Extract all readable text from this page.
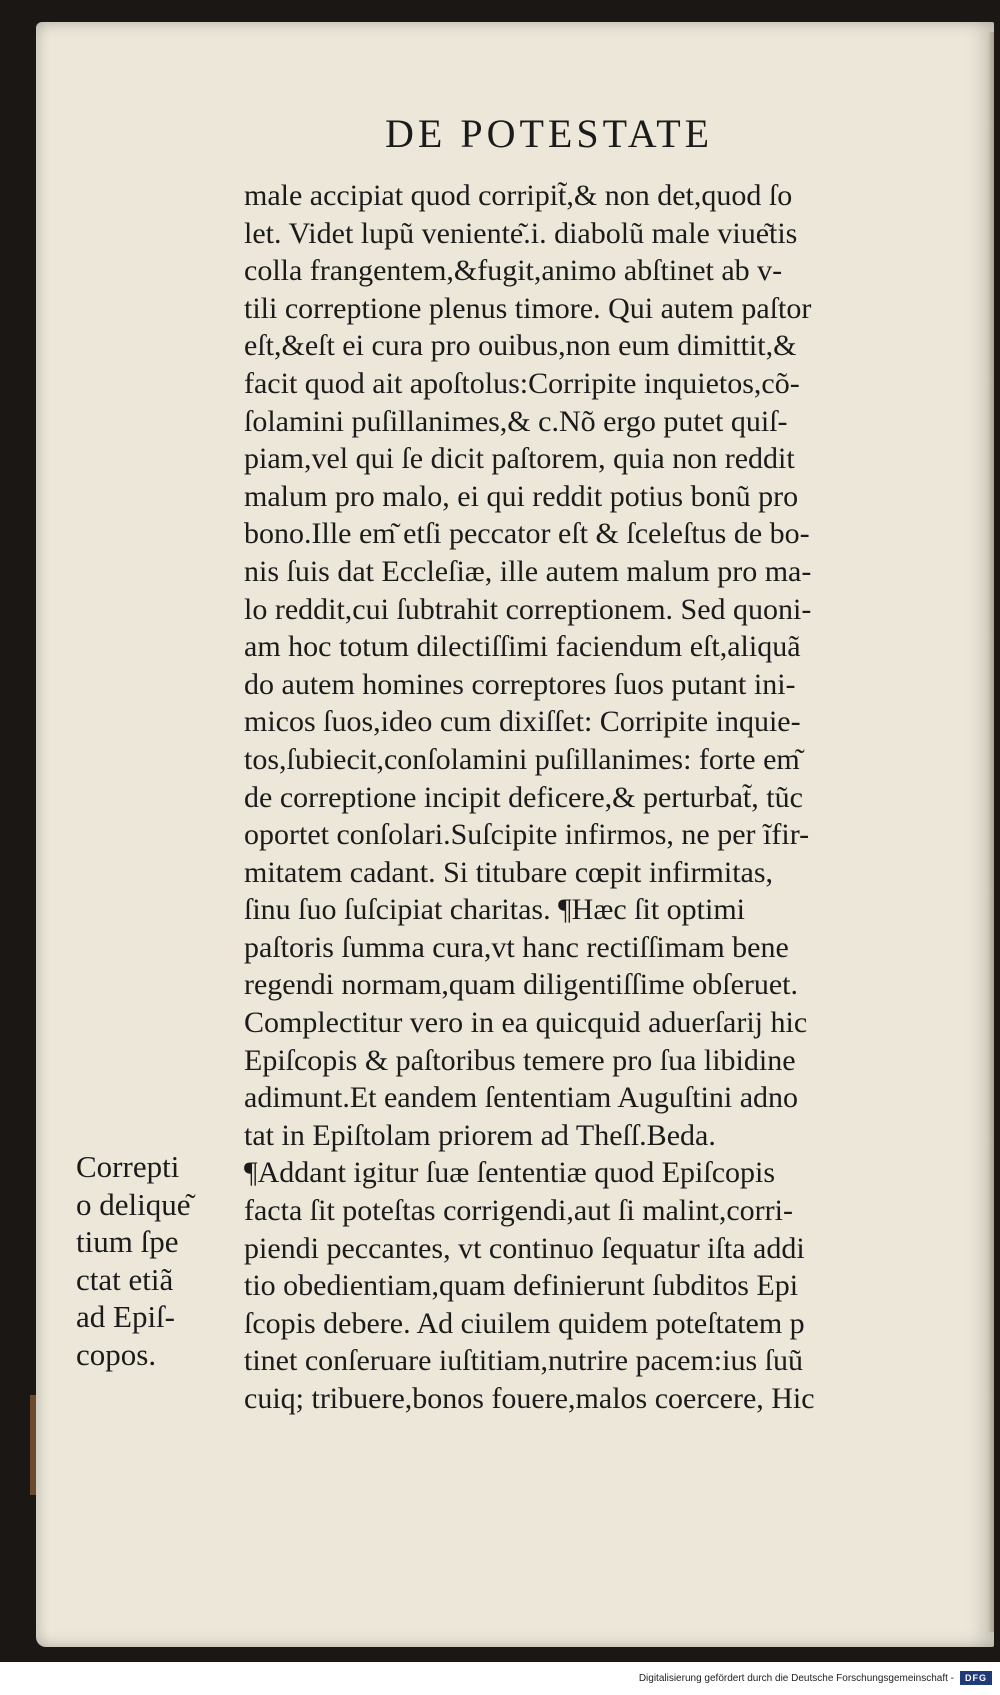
DE POTESTATE
male accipiat quod corripit̃,& non det,quod ſo
let. Videt lupũ veniente͂.i. diabolũ male viue͂tis
colla frangentem,&fugit,animo abſtinet ab v-
tili correptione plenus timore. Qui autem paſtor
eſt,&eſt ei cura pro ouibus,non eum dimittit,&
facit quod ait apoſtolus:Corripite inquietos,cõ-
ſolamini puſillanimes,& c.Nõ ergo putet quiſ-
piam,vel qui ſe dicit paſtorem, quia non reddit
malum pro malo, ei qui reddit potius bonũ pro
bono.Ille em͂ etſi peccator eſt & ſceleſtus de bo-
nis ſuis dat Eccleſiæ, ille autem malum pro ma-
lo reddit,cui ſubtrahit correptionem. Sed quoni-
am hoc totum dilectiſſimi faciendum eſt,aliquã
do autem homines correptores ſuos putant ini-
micos ſuos,ideo cum dixiſſet: Corripite inquie-
tos,ſubiecit,conſolamini puſillanimes: forte em͂
de correptione incipit deficere,& perturbat̃, tũc
oportet conſolari.Suſcipite infirmos, ne per ĩfir-
mitatem cadant. Si titubare cœpit infirmitas,
ſinu ſuo ſuſcipiat charitas. ¶Hæc ſit optimi
paſtoris ſumma cura,vt hanc rectiſſimam bene
regendi normam,quam diligentiſſime obſeruet.
Complectitur vero in ea quicquid aduerſarij hic
Epiſcopis & paſtoribus temere pro ſua libidine
adimunt.Et eandem ſententiam Auguſtini adno
tat in Epiſtolam priorem ad Theſſ.Beda.
¶Addant igitur ſuæ ſententiæ quod Epiſcopis
facta ſit poteſtas corrigendi,aut ſi malint,corri-
piendi peccantes, vt continuo ſequatur iſta addi
tio obedientiam,quam definierunt ſubditos Epi
ſcopis debere. Ad ciuilem quidem poteſtatem p
tinet conſeruare iuſtitiam,nutrire pacem:ius ſuũ
cuiq; tribuere,bonos fouere,malos coercere, Hic
Correpti
o delique͂
tium ſpe
ctat etiã
ad Epiſ-
copos.
Digitalisierung gefördert durch die Deutsche Forschungsgemeinschaft -	DFG
